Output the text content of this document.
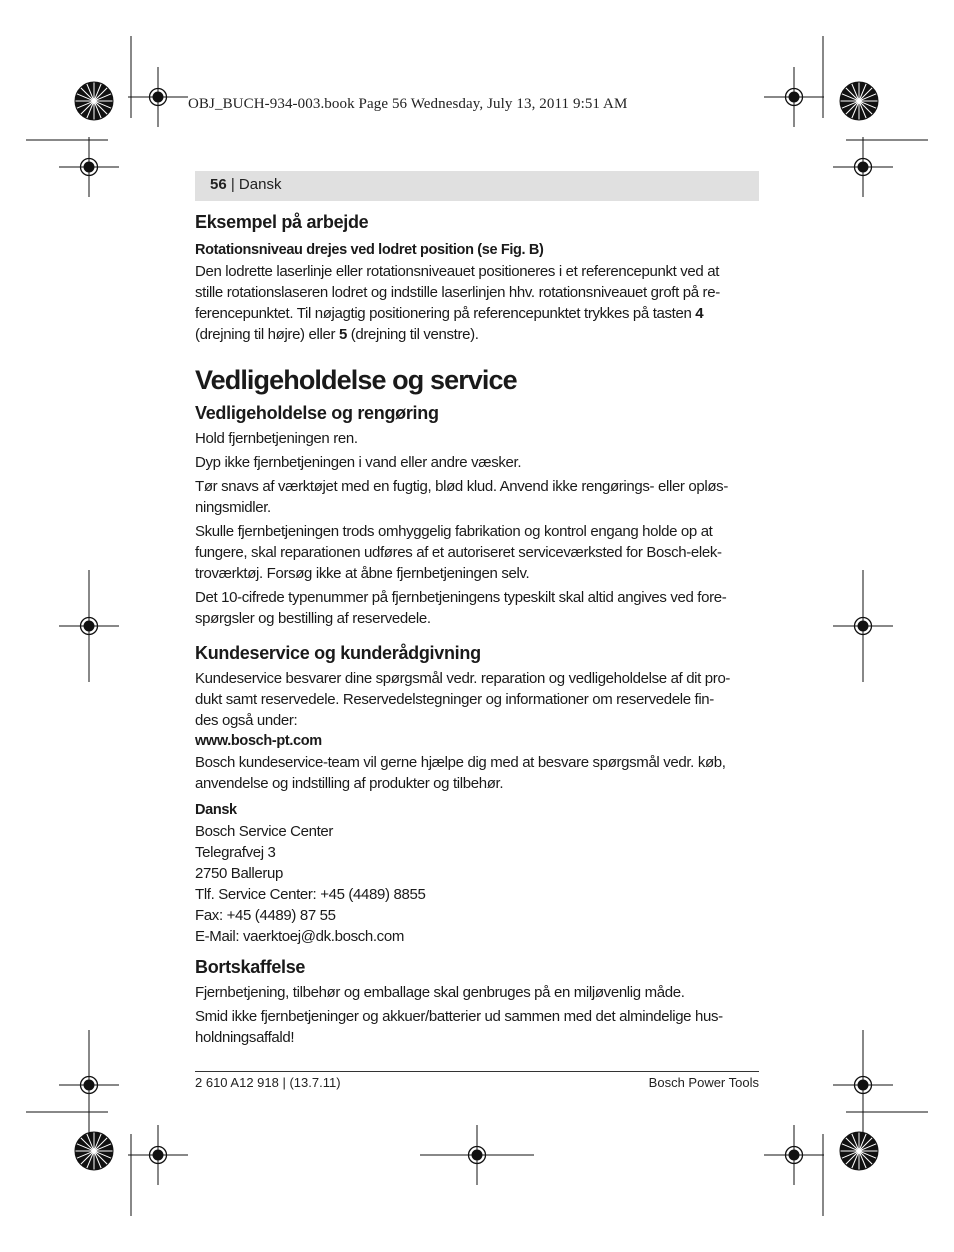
OBJ_BUCH-934-003.book Page 56 Wednesday, July 13, 2011 9:51 AM
56 | Dansk

Eksempel på arbejde

Rotationsniveau drejes ved lodret position (se Fig. B)

Den lodrette laserlinje eller rotationsniveauet positioneres i et referencepunkt ved at

stille rotationslaseren lodret og indstille laserlinjen hhv. rotationsniveauet groft på re-

ferencepunktet. Til nøjagtig positionering på referencepunktet trykkes på tasten 4

(drejning til højre) eller 5 (drejning til venstre).

Vedligeholdelse og service

Vedligeholdelse og rengøring

Hold fjernbetjeningen ren.

Dyp ikke fjernbetjeningen i vand eller andre væsker.

Tør snavs af værktøjet med en fugtig, blød klud. Anvend ikke rengørings- eller opløs-

ningsmidler.

Skulle fjernbetjeningen trods omhyggelig fabrikation og kontrol engang holde op at

fungere, skal reparationen udføres af et autoriseret serviceværksted for Bosch-elek-

troværktøj. Forsøg ikke at åbne fjernbetjeningen selv.

Det 10-cifrede typenummer på fjernbetjeningens typeskilt skal altid angives ved fore-

spørgsler og bestilling af reservedele.

Kundeservice og kunderådgivning

Kundeservice besvarer dine spørgsmål vedr. reparation og vedligeholdelse af dit pro-

dukt samt reservedele. Reservedelstegninger og informationer om reservedele fin-

des også under:

www.bosch-pt.com

Bosch kundeservice-team vil gerne hjælpe dig med at besvare spørgsmål vedr. køb,

anvendelse og indstilling af produkter og tilbehør.

Dansk

Bosch Service Center

Telegrafvej 3

2750 Ballerup

Tlf. Service Center: +45 (4489) 8855

Fax: +45 (4489) 87 55

E-Mail: vaerktoej@dk.bosch.com

Bortskaffelse

Fjernbetjening, tilbehør og emballage skal genbruges på en miljøvenlig måde.

Smid ikke fjernbetjeninger og akkuer/batterier ud sammen med det almindelige hus-

holdningsaffald!

2 610 A12 918 | (13.7.11)	Bosch Power Tools
